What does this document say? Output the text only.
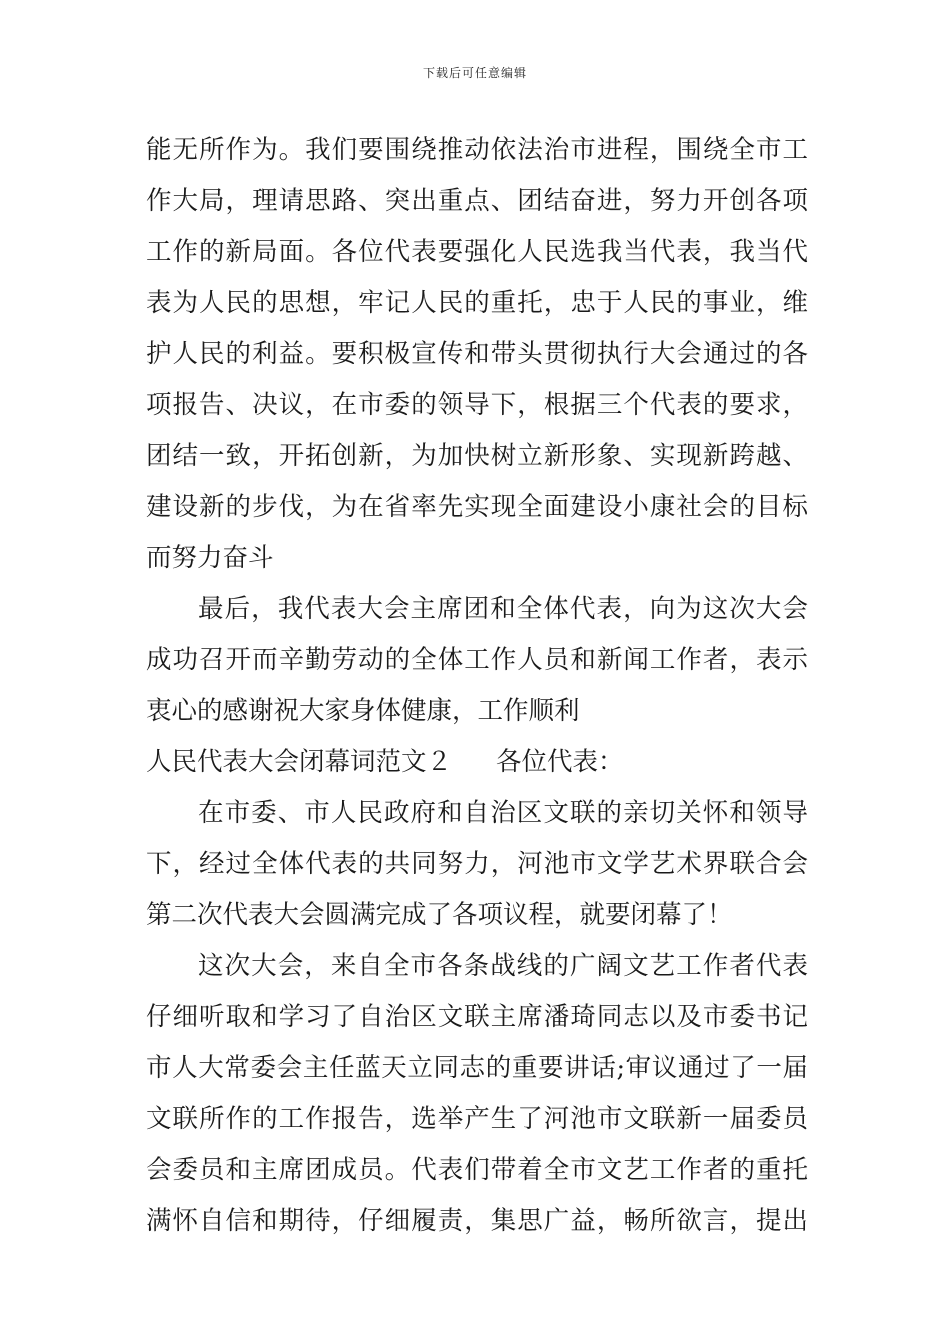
下载后可任意编辑
能无所作为。我们要围绕推动依法治市进程，围绕全市工
作大局，理请思路、突出重点、团结奋进，努力开创各项
工作的新局面。各位代表要强化人民选我当代表，我当代
表为人民的思想，牢记人民的重托，忠于人民的事业，维
护人民的利益。要积极宣传和带头贯彻执行大会通过的各
项报告、决议，在市委的领导下，根据三个代表的要求，
团结一致，开拓创新，为加快树立新形象、实现新跨越、
建设新的步伐，为在省率先实现全面建设小康社会的目标
而努力奋斗
最后，我代表大会主席团和全体代表，向为这次大会
成功召开而辛勤劳动的全体工作人员和新闻工作者，表示
衷心的感谢祝大家身体健康，工作顺利
人民代表大会闭幕词范文２ 各位代表：
在市委、市人民政府和自治区文联的亲切关怀和领导
下，经过全体代表的共同努力，河池市文学艺术界联合会
第二次代表大会圆满完成了各项议程，就要闭幕了！
这次大会，来自全市各条战线的广阔文艺工作者代表
仔细听取和学习了自治区文联主席潘琦同志以及市委书记
市人大常委会主任蓝天立同志的重要讲话;审议通过了一届
文联所作的工作报告，选举产生了河池市文联新一届委员
会委员和主席团成员。代表们带着全市文艺工作者的重托
满怀自信和期待，仔细履责，集思广益，畅所欲言，提出
